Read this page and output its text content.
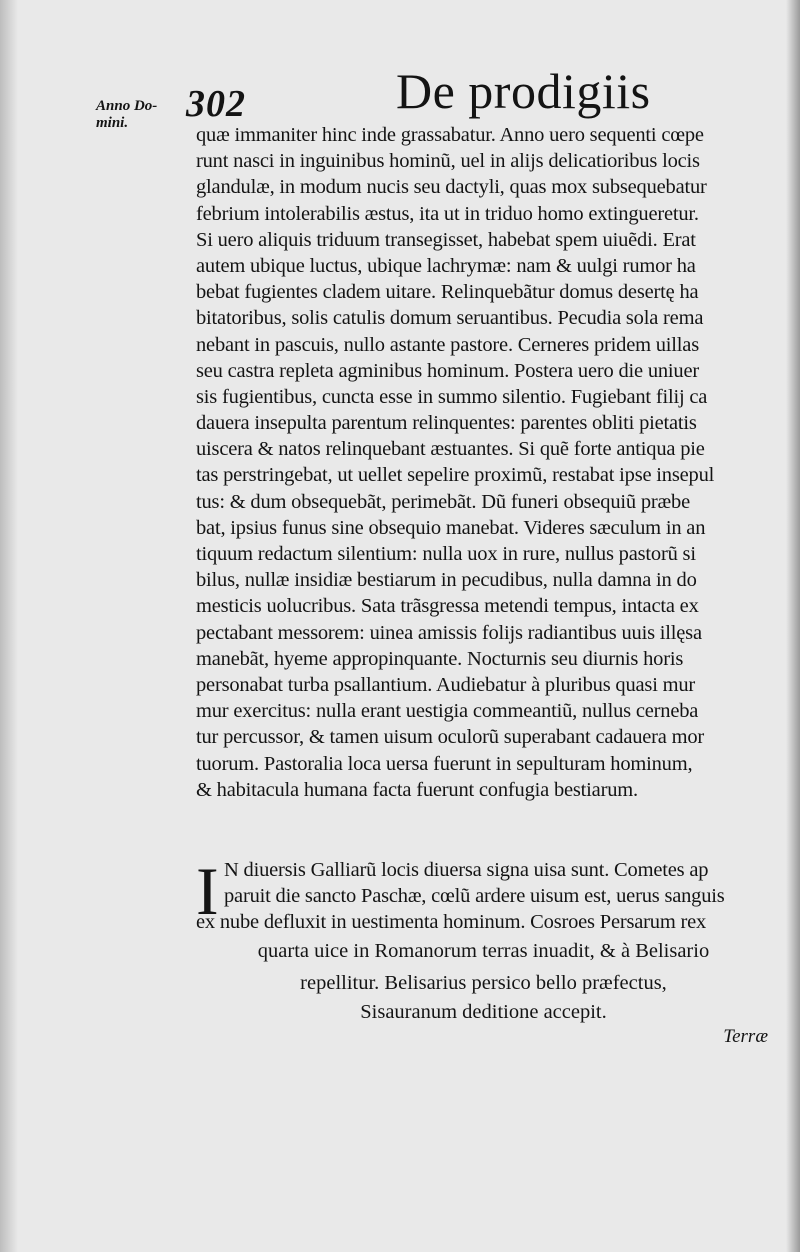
Anno Do-
mini.	302	De prodigiis
quæ immaniter hinc inde grassabatur. Anno uero sequenti cœpe
runt nasci in inguinibus hominũ, uel in alijs delicatioribus locis
glandulæ, in modum nucis seu dactyli, quas mox subsequebatur
febrium intolerabilis æstus, ita ut in triduo homo extingueretur.
Si uero aliquis triduum transegisset, habebat spem uiuẽdi. Erat
autem ubique luctus, ubique lachrymæ: nam & uulgi rumor ha
bebat fugientes cladem uitare. Relinquebãtur domus desertę ha
bitatoribus, solis catulis domum seruantibus. Pecudia sola rema
nebant in pascuis, nullo astante pastore. Cerneres pridem uillas
seu castra repleta agminibus hominum. Postera uero die uniuer
sis fugientibus, cuncta esse in summo silentio. Fugiebant filij ca
dauera insepulta parentum relinquentes: parentes obliti pietatis
uiscera & natos relinquebant æstuantes. Si quẽ forte antiqua pie
tas perstringebat, ut uellet sepelire proximũ, restabat ipse insepul
tus: & dum obsequebãt, perimebãt. Dũ funeri obsequiũ præbe
bat, ipsius funus sine obsequio manebat. Videres sæculum in an
tiquum redactum silentium: nulla uox in rure, nullus pastorũ si
bilus, nullæ insidiæ bestiarum in pecudibus, nulla damna in do
mesticis uolucribus. Sata trãsgressa metendi tempus, intacta ex
pectabant messorem: uinea amissis folijs radiantibus uuis illęsa
manebãt, hyeme appropinquante. Nocturnis seu diurnis horis
personabat turba psallantium. Audiebatur à pluribus quasi mur
mur exercitus: nulla erant uestigia commeantiũ, nullus cerneba
tur percussor, & tamen uisum oculorũ superabant cadauera mor
tuorum. Pastoralia loca uersa fuerunt in sepulturam hominum,
& habitacula humana facta fuerunt confugia bestiarum.
I N diuersis Galliarũ locis diuersa signa uisa sunt. Cometes ap
paruit die sancto Paschæ, cœlũ ardere uisum est, uerus sanguis
ex nube defluxit in uestimenta hominum. Cosroes Persarum rex
quarta uice in Romanorum terras inuadit, & à Belisario
repellitur. Belisarius persico bello præfectus,
Sisauranum deditione accepit.
Terræ
